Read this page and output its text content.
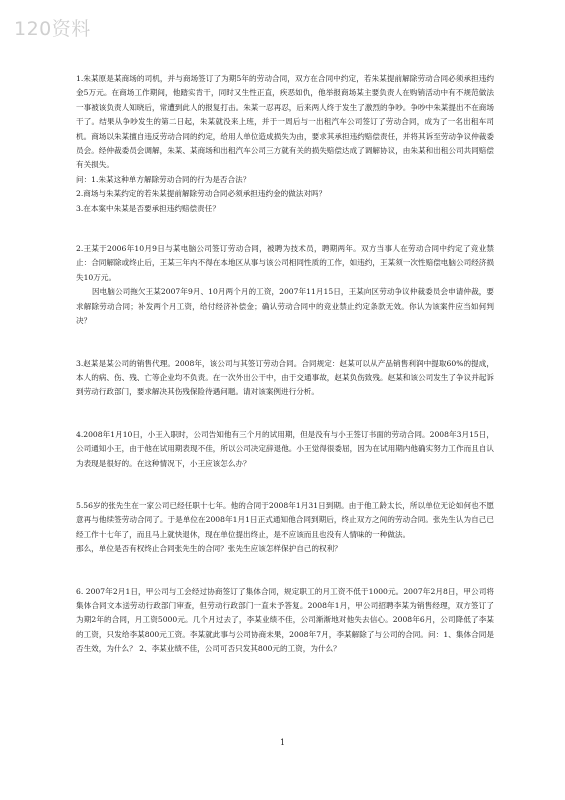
120资料

1.朱某原是某商场的司机，并与商场签订了为期5年的劳动合同，双方在合同中约定，若朱某提前解除劳动合同必须承担违约金5万元。在商场工作期间，他踏实肯干，同时又生性正直，疾恶如仇，他举报商场某主要负责人在购销活动中有不规范做法一事被该负责人知晓后，常遭到此人的报复打击。朱某一忍再忍，后来两人终于发生了激烈的争吵。争吵中朱某提出不在商场干了。结果从争吵发生的第二日起，朱某就没来上班，并于一周后与一出租汽车公司签订了劳动合同，成为了一名出租车司机。商场以朱某擅自违反劳动合同的约定，给用人单位造成损失为由，要求其承担违约赔偿责任，并将其诉至劳动争议仲裁委员会。经仲裁委员会调解，朱某、某商场和出租汽车公司三方就有关的损失赔偿达成了调解协议，由朱某和出租公司共同赔偿有关损失。

问：1.朱某这种单方解除劳动合同的行为是否合法？

2.商场与朱某约定的若朱某提前解除劳动合同必须承担违约金的做法对吗？

3.在本案中朱某是否要承担违约赔偿责任？

2.王某于2006年10月9日与某电脑公司签订劳动合同，被聘为技术员，聘期两年。双方当事人在劳动合同中约定了竞业禁止：合同解除或终止后，王某三年内不得在本地区从事与该公司相同性质的工作，如违约，王某须一次性赔偿电脑公司经济损失10万元。

因电脑公司拖欠王某2007年9月、10月两个月的工资，2007年11月15日，王某向区劳动争议仲裁委员会申请仲裁，要求解除劳动合同；补发两个月工资，给付经济补偿金；确认劳动合同中的竞业禁止约定条款无效。你认为该案件应当如何判决？

3.赵某是某公司的销售代理。2008年，该公司与其签订劳动合同。合同规定：赵某可以从产品销售利润中提取60%的提成，本人的病、伤、残、亡等企业均不负责。在一次外出公干中，由于交通事故，赵某负伤致残。赵某和该公司发生了争议并起诉到劳动行政部门，要求解决其伤残保险待遇问题。请对该案例进行分析。

4.2008年1月10日，小王入职时，公司告知他有三个月的试用期，但是没有与小王签订书面的劳动合同。2008年3月15日，公司通知小王，由于他在试用期表现不佳，所以公司决定辞退他。小王觉得很委屈，因为在试用期内他确实努力工作而且自认为表现是很好的。在这种情况下，小王应该怎么办？

5.56岁的张先生在一家公司已经任职十七年。他的合同于2008年1月31日到期。由于他工龄太长，所以单位无论如何也不愿意再与他续签劳动合同了。于是单位在2008年1月1日正式通知他合同到期后，终止双方之间的劳动合同。张先生认为自己已经工作十七年了，而且马上就快退休，现在单位提出终止，是不应该而且也没有人情味的一种做法。

那么，单位是否有权终止合同张先生的合同？张先生应该怎样保护自己的权利？

6. 2007年2月1日，甲公司与工会经过协商签订了集体合同，规定职工的月工资不低于1000元。2007年2月8日，甲公司将集体合同文本送劳动行政部门审查，但劳动行政部门一直未予答复。2008年1月，甲公司招聘李某为销售经理，双方签订了为期2年的合同，月工资5000元。几个月过去了，李某业绩不佳，公司渐渐地对他失去信心。2008年6月，公司降低了李某的工资，只发给李某800元工资。李某就此事与公司协商未果，2008年7月，李某解除了与公司的合同。问：1、集体合同是否生效，为什么？ 2、李某业绩不佳，公司可否只发其800元的工资，为什么？

1
